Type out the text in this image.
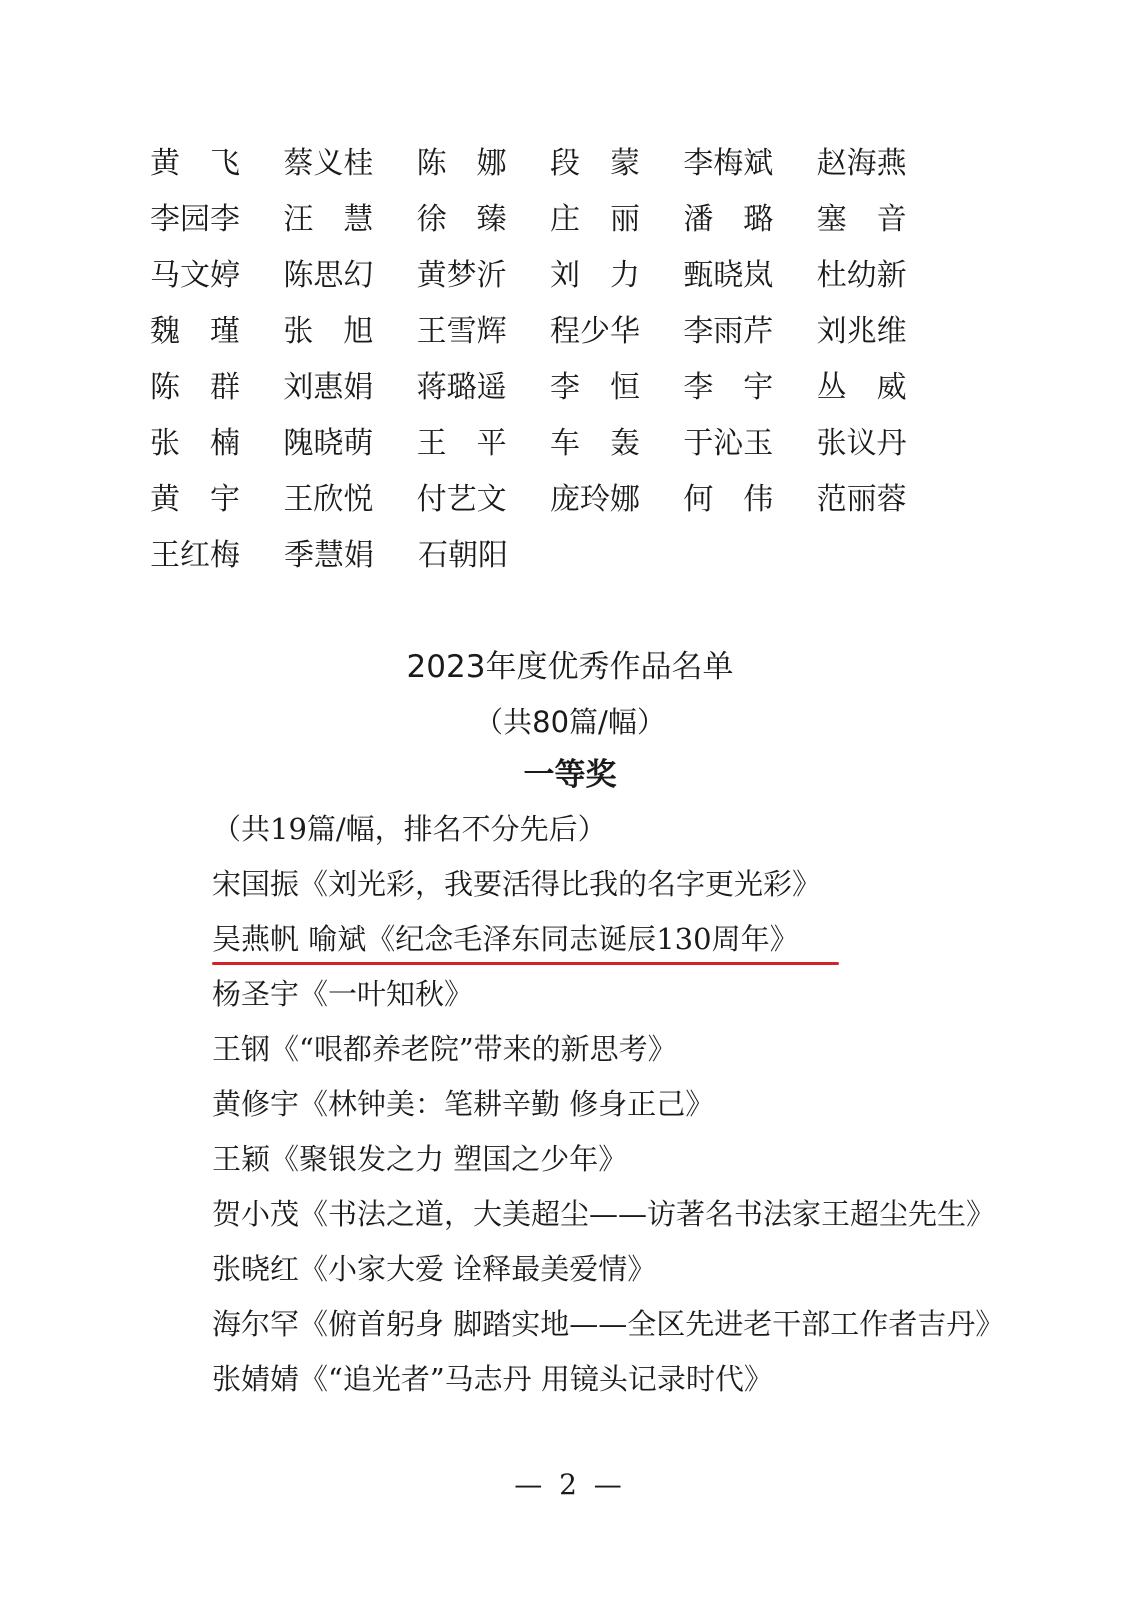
黄飞 蔡义桂	陈娜 段蒙 李梅斌	赵海燕
李园李	汪慧 徐臻 庄丽 潘璐 塞音
马文婷	陈思幻	黄梦沂	刘力 甄晓岚	杜幼新
魏瑾 张旭 王雪辉	程少华	李雨芹	刘兆维
陈群 刘惠娟	蒋璐遥	李恒 李宇 丛威
张楠 隗晓萌	王平 车轰 于沁玉	张议丹
黄宇 王欣悦	付艺文	庞玲娜	何伟 范丽蓉
王红梅	季慧娟	石朝阳
2023年度优秀作品名单
（共80篇/幅）
一等奖
（共19篇/幅，排名不分先后）
宋国振《刘光彩，我要活得比我的名字更光彩》
吴燕帆 喻斌《纪念毛泽东同志诞辰130周年》
杨圣宇《一叶知秋》
王钢《“哏都养老院”带来的新思考》
黄修宇《林钟美：笔耕辛勤 修身正己》
王颖《聚银发之力 塑国之少年》
贺小茂《书法之道，大美超尘——访著名书法家王超尘先生》
张晓红《小家大爱 诠释最美爱情》
海尔罕《俯首躬身 脚踏实地——全区先进老干部工作者吉丹》
张婧婧《“追光者”马志丹 用镜头记录时代》
— 2 —
